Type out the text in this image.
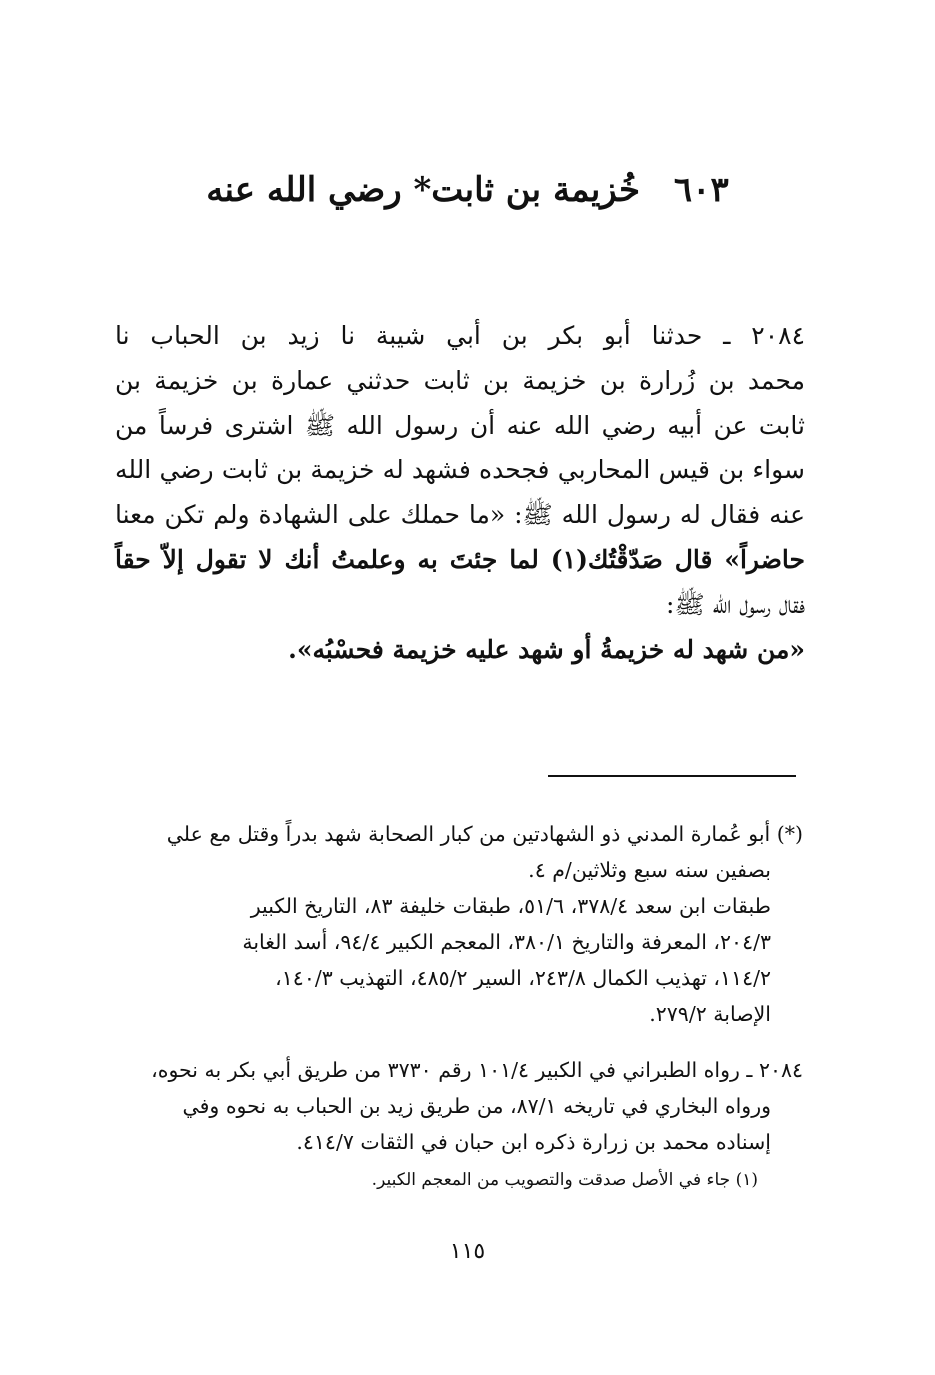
٦٠٣ خُزيمة بن ثابت* رضي الله عنه
٢٠٨٤ ـ حدثنا أبو بكر بن أبي شيبة نا زيد بن الحباب نا
محمد بن زُرارة بن خزيمة بن ثابت حدثني عمارة بن خزيمة بن
ثابت عن أبيه رضي الله عنه أن رسول الله ﷺ اشترى فرساً من
سواء بن قيس المحاربي فجحده فشهد له خزيمة بن ثابت رضي الله
عنه فقال له رسول الله ﷺ: «ما حملك على الشهادة ولم تكن معنا
حاضراً» قال صَدّقْتُك(١) لما جئتَ به وعلمتُ أنك لا تقول إلاّ حقاً
فقال رسول الله ﷺ:
«من شهد له خزيمةُ أو شهد عليه خزيمة فحسْبُه».
(*) أبو عُمارة المدني ذو الشهادتين من كبار الصحابة شهد بدراً وقتل مع علي
بصفين سنه سبع وثلاثين/م ٤.
طبقات ابن سعد ٣٧٨/٤، ٥١/٦، طبقات خليفة ٨٣، التاريخ الكبير
٢٠٤/٣، المعرفة والتاريخ ٣٨٠/١، المعجم الكبير ٩٤/٤، أسد الغابة
١١٤/٢، تهذيب الكمال ٢٤٣/٨، السير ٤٨٥/٢، التهذيب ١٤٠/٣،
الإصابة ٢٧٩/٢.
٢٠٨٤ ـ رواه الطبراني في الكبير ١٠١/٤ رقم ٣٧٣٠ من طريق أبي بكر به نحوه،
ورواه البخاري في تاريخه ٨٧/١، من طريق زيد بن الحباب به نحوه وفي
إسناده محمد بن زرارة ذكره ابن حبان في الثقات ٤١٤/٧.
(١) جاء في الأصل صدقت والتصويب من المعجم الكبير.
١١٥
